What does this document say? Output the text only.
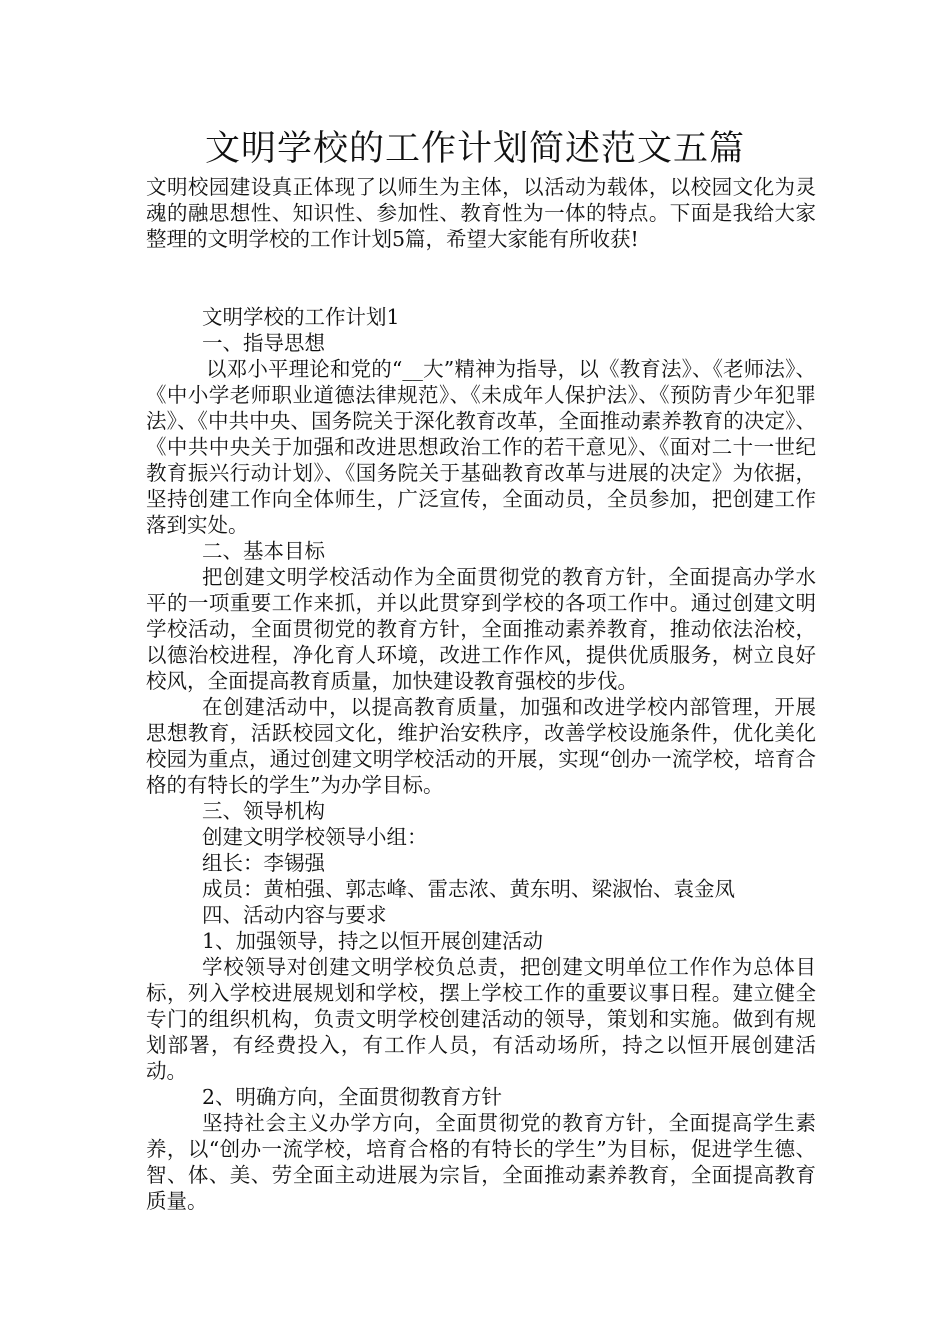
文明学校的工作计划简述范文五篇

文明校园建设真正体现了以师生为主体，以活动为载体，以校园文化为灵魂的融思想性、知识性、参加性、教育性为一体的特点。下面是我给大家整理的文明学校的工作计划5篇，希望大家能有所收获!

文明学校的工作计划1

一、指导思想

以邓小平理论和党的“__大”精神为指导，以《教育法》、《老师法》、《中小学老师职业道德法律规范》、《未成年人保护法》、《预防青少年犯罪法》、《中共中央、国务院关于深化教育改革，全面推动素养教育的决定》、《中共中央关于加强和改进思想政治工作的若干意见》、《面对二十一世纪教育振兴行动计划》、《国务院关于基础教育改革与进展的决定》为依据，坚持创建工作向全体师生，广泛宣传，全面动员，全员参加，把创建工作落到实处。

二、基本目标

把创建文明学校活动作为全面贯彻党的教育方针，全面提高办学水平的一项重要工作来抓，并以此贯穿到学校的各项工作中。通过创建文明学校活动，全面贯彻党的教育方针，全面推动素养教育，推动依法治校，以德治校进程，净化育人环境，改进工作作风，提供优质服务，树立良好校风，全面提高教育质量，加快建设教育强校的步伐。

在创建活动中，以提高教育质量，加强和改进学校内部管理，开展思想教育，活跃校园文化，维护治安秩序，改善学校设施条件，优化美化校园为重点，通过创建文明学校活动的开展，实现“创办一流学校，培育合格的有特长的学生”为办学目标。

三、领导机构

创建文明学校领导小组：

组长：李锡强

成员：黄柏强、郭志峰、雷志浓、黄东明、梁淑怡、袁金凤

四、活动内容与要求

1、加强领导，持之以恒开展创建活动

学校领导对创建文明学校负总责，把创建文明单位工作作为总体目标，列入学校进展规划和学校，摆上学校工作的重要议事日程。建立健全专门的组织机构，负责文明学校创建活动的领导，策划和实施。做到有规划部署，有经费投入，有工作人员，有活动场所，持之以恒开展创建活动。

2、明确方向，全面贯彻教育方针

坚持社会主义办学方向，全面贯彻党的教育方针，全面提高学生素养，以“创办一流学校，培育合格的有特长的学生”为目标，促进学生德、智、体、美、劳全面主动进展为宗旨，全面推动素养教育，全面提高教育质量。
